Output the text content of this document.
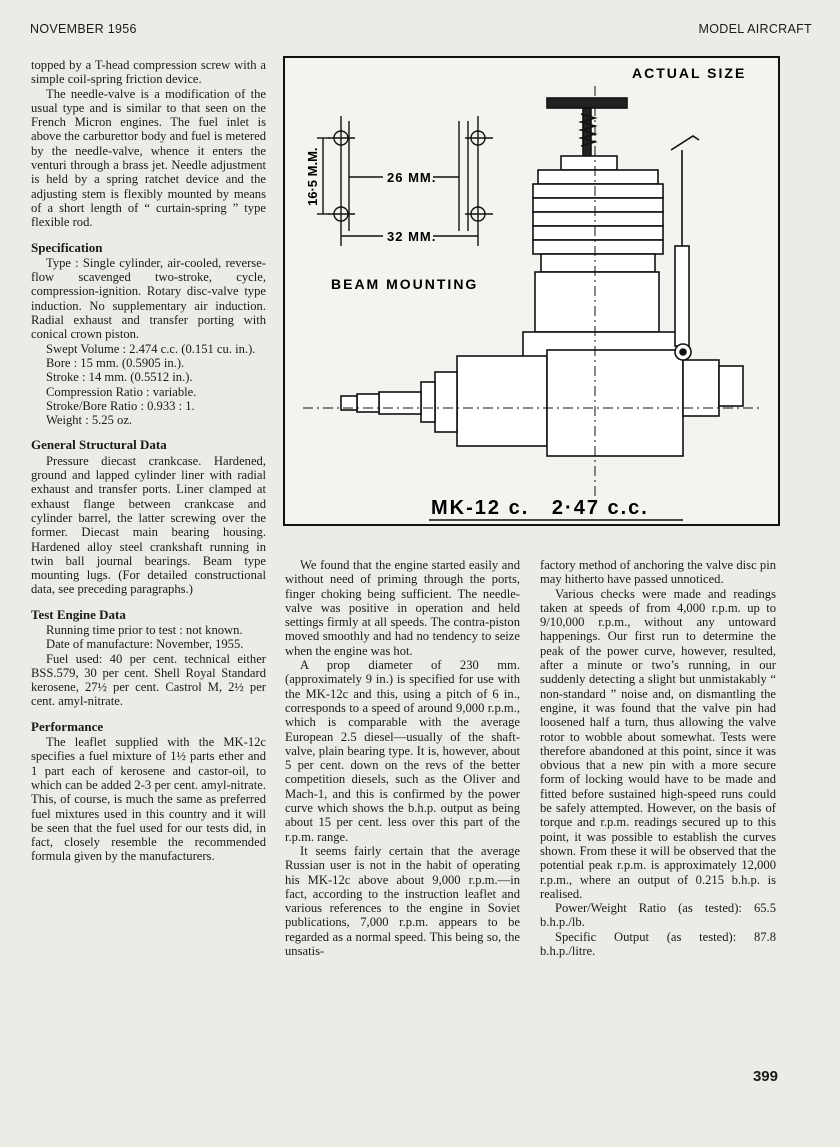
NOVEMBER 1956	MODEL AIRCRAFT

topped by a T-head compression screw with a simple coil-spring friction device.

The needle-valve is a modification of the usual type and is similar to that seen on the French Micron engines. The fuel inlet is above the carburettor body and fuel is metered by the needle-valve, whence it enters the venturi through a brass jet. Needle adjustment is held by a spring ratchet device and the adjusting stem is flexibly mounted by means of a short length of “ curtain-spring ” type flexible rod.

Specification

Type : Single cylinder, air-cooled, reverse-flow scavenged two-stroke, cycle, compression-ignition. Rotary disc-valve type induction. No supplementary air induction. Radial exhaust and transfer porting with conical crown piston.

Swept Volume : 2.474 c.c. (0.151 cu. in.).

Bore : 15 mm. (0.5905 in.).

Stroke : 14 mm. (0.5512 in.).

Compression Ratio : variable.

Stroke/Bore Ratio : 0.933 : 1.

Weight : 5.25 oz.

General Structural Data

Pressure diecast crankcase. Hardened, ground and lapped cylinder liner with radial exhaust and transfer ports. Liner clamped at exhaust flange between crankcase and cylinder barrel, the latter screwing over the former. Diecast main bearing housing. Hardened alloy steel crankshaft running in twin ball journal bearings. Beam type mounting lugs. (For detailed constructional data, see preceding paragraphs.)

Test Engine Data

Running time prior to test : not known.

Date of manufacture: November, 1955.

Fuel used: 40 per cent. technical either BSS.579, 30 per cent. Shell Royal Standard kerosene, 27½ per cent. Castrol M, 2½ per cent. amyl-nitrate.

Performance

The leaflet supplied with the MK-12c specifies a fuel mixture of 1½ parts ether and 1 part each of kerosene and castor-oil, to which can be added 2-3 per cent. amyl-nitrate. This, of course, is much the same as preferred fuel mixtures used in this country and it will be seen that the fuel used for our tests did, in fact, closely resemble the recommended formula given by the manufacturers.

ACTUAL SIZE
16·5 M.M.	26 MM.
32 MM.
BEAM MOUNTING
MK-12 c.   2·47 c.c.

We found that the engine started easily and without need of priming through the ports, finger choking being sufficient. The needle-valve was positive in operation and held settings firmly at all speeds. The contra-piston moved smoothly and had no tendency to seize when the engine was hot.

A prop diameter of 230 mm. (approximately 9 in.) is specified for use with the MK-12c and this, using a pitch of 6 in., corresponds to a speed of around 9,000 r.p.m., which is comparable with the average European 2.5 diesel—usually of the shaft-valve, plain bearing type. It is, however, about 5 per cent. down on the revs of the better competition diesels, such as the Oliver and Mach-1, and this is confirmed by the power curve which shows the b.h.p. output as being about 15 per cent. less over this part of the r.p.m. range.

It seems fairly certain that the average Russian user is not in the habit of operating his MK-12c above about 9,000 r.p.m.—in fact, according to the instruction leaflet and various references to the engine in Soviet publications, 7,000 r.p.m. appears to be regarded as a normal speed. This being so, the unsatis-

factory method of anchoring the valve disc pin may hitherto have passed unnoticed.

Various checks were made and readings taken at speeds of from 4,000 r.p.m. up to 9/10,000 r.p.m., without any untoward happenings. Our first run to determine the peak of the power curve, however, resulted, after a minute or two’s running, in our suddenly detecting a slight but unmistakably “ non-standard ” noise and, on dismantling the engine, it was found that the valve pin had loosened half a turn, thus allowing the valve rotor to wobble about somewhat. Tests were therefore abandoned at this point, since it was obvious that a new pin with a more secure form of locking would have to be made and fitted before sustained high-speed runs could be safely attempted. However, on the basis of torque and r.p.m. readings secured up to this point, it was possible to establish the curves shown. From these it will be observed that the potential peak r.p.m. is approximately 12,000 r.p.m., where an output of 0.215 b.h.p. is realised.

Power/Weight Ratio (as tested): 65.5 b.h.p./lb.

Specific Output (as tested): 87.8 b.h.p./litre.

399
